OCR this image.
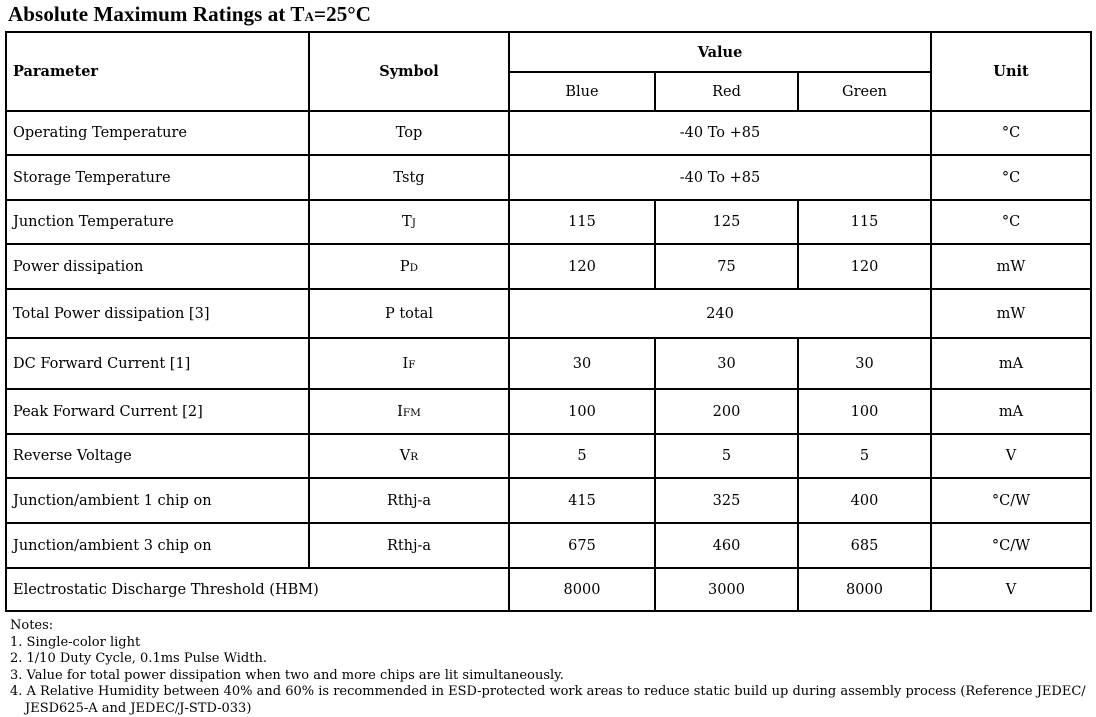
Absolute Maximum Ratings at TA=25°C
Parameter	Symbol	Value			Unit
		Blue	Red	Green	
Operating Temperature	Top	-40 To +85			°C
Storage Temperature	Tstg	-40 To +85			°C
Junction Temperature	TJ	115	125	115	°C
Power dissipation	PD	120	75	120	mW
Total Power dissipation [3]	P total	240			mW
DC Forward Current [1]	IF	30	30	30	mA
Peak Forward Current [2]	IFM	100	200	100	mA
Reverse Voltage	VR	5	5	5	V
Junction/ambient 1 chip on	Rthj-a	415	325	400	°C/W
Junction/ambient 3 chip on	Rthj-a	675	460	685	°C/W
Electrostatic Discharge Threshold (HBM)		8000	3000	8000	V
Notes:
1. Single-color light
2. 1/10 Duty Cycle, 0.1ms Pulse Width.
3. Value for total power dissipation when two and more chips are lit simultaneously.
4. A Relative Humidity between 40% and 60% is recommended in ESD-protected work areas to reduce static build up during assembly process (Reference JEDEC/
JESD625-A and JEDEC/J-STD-033)
